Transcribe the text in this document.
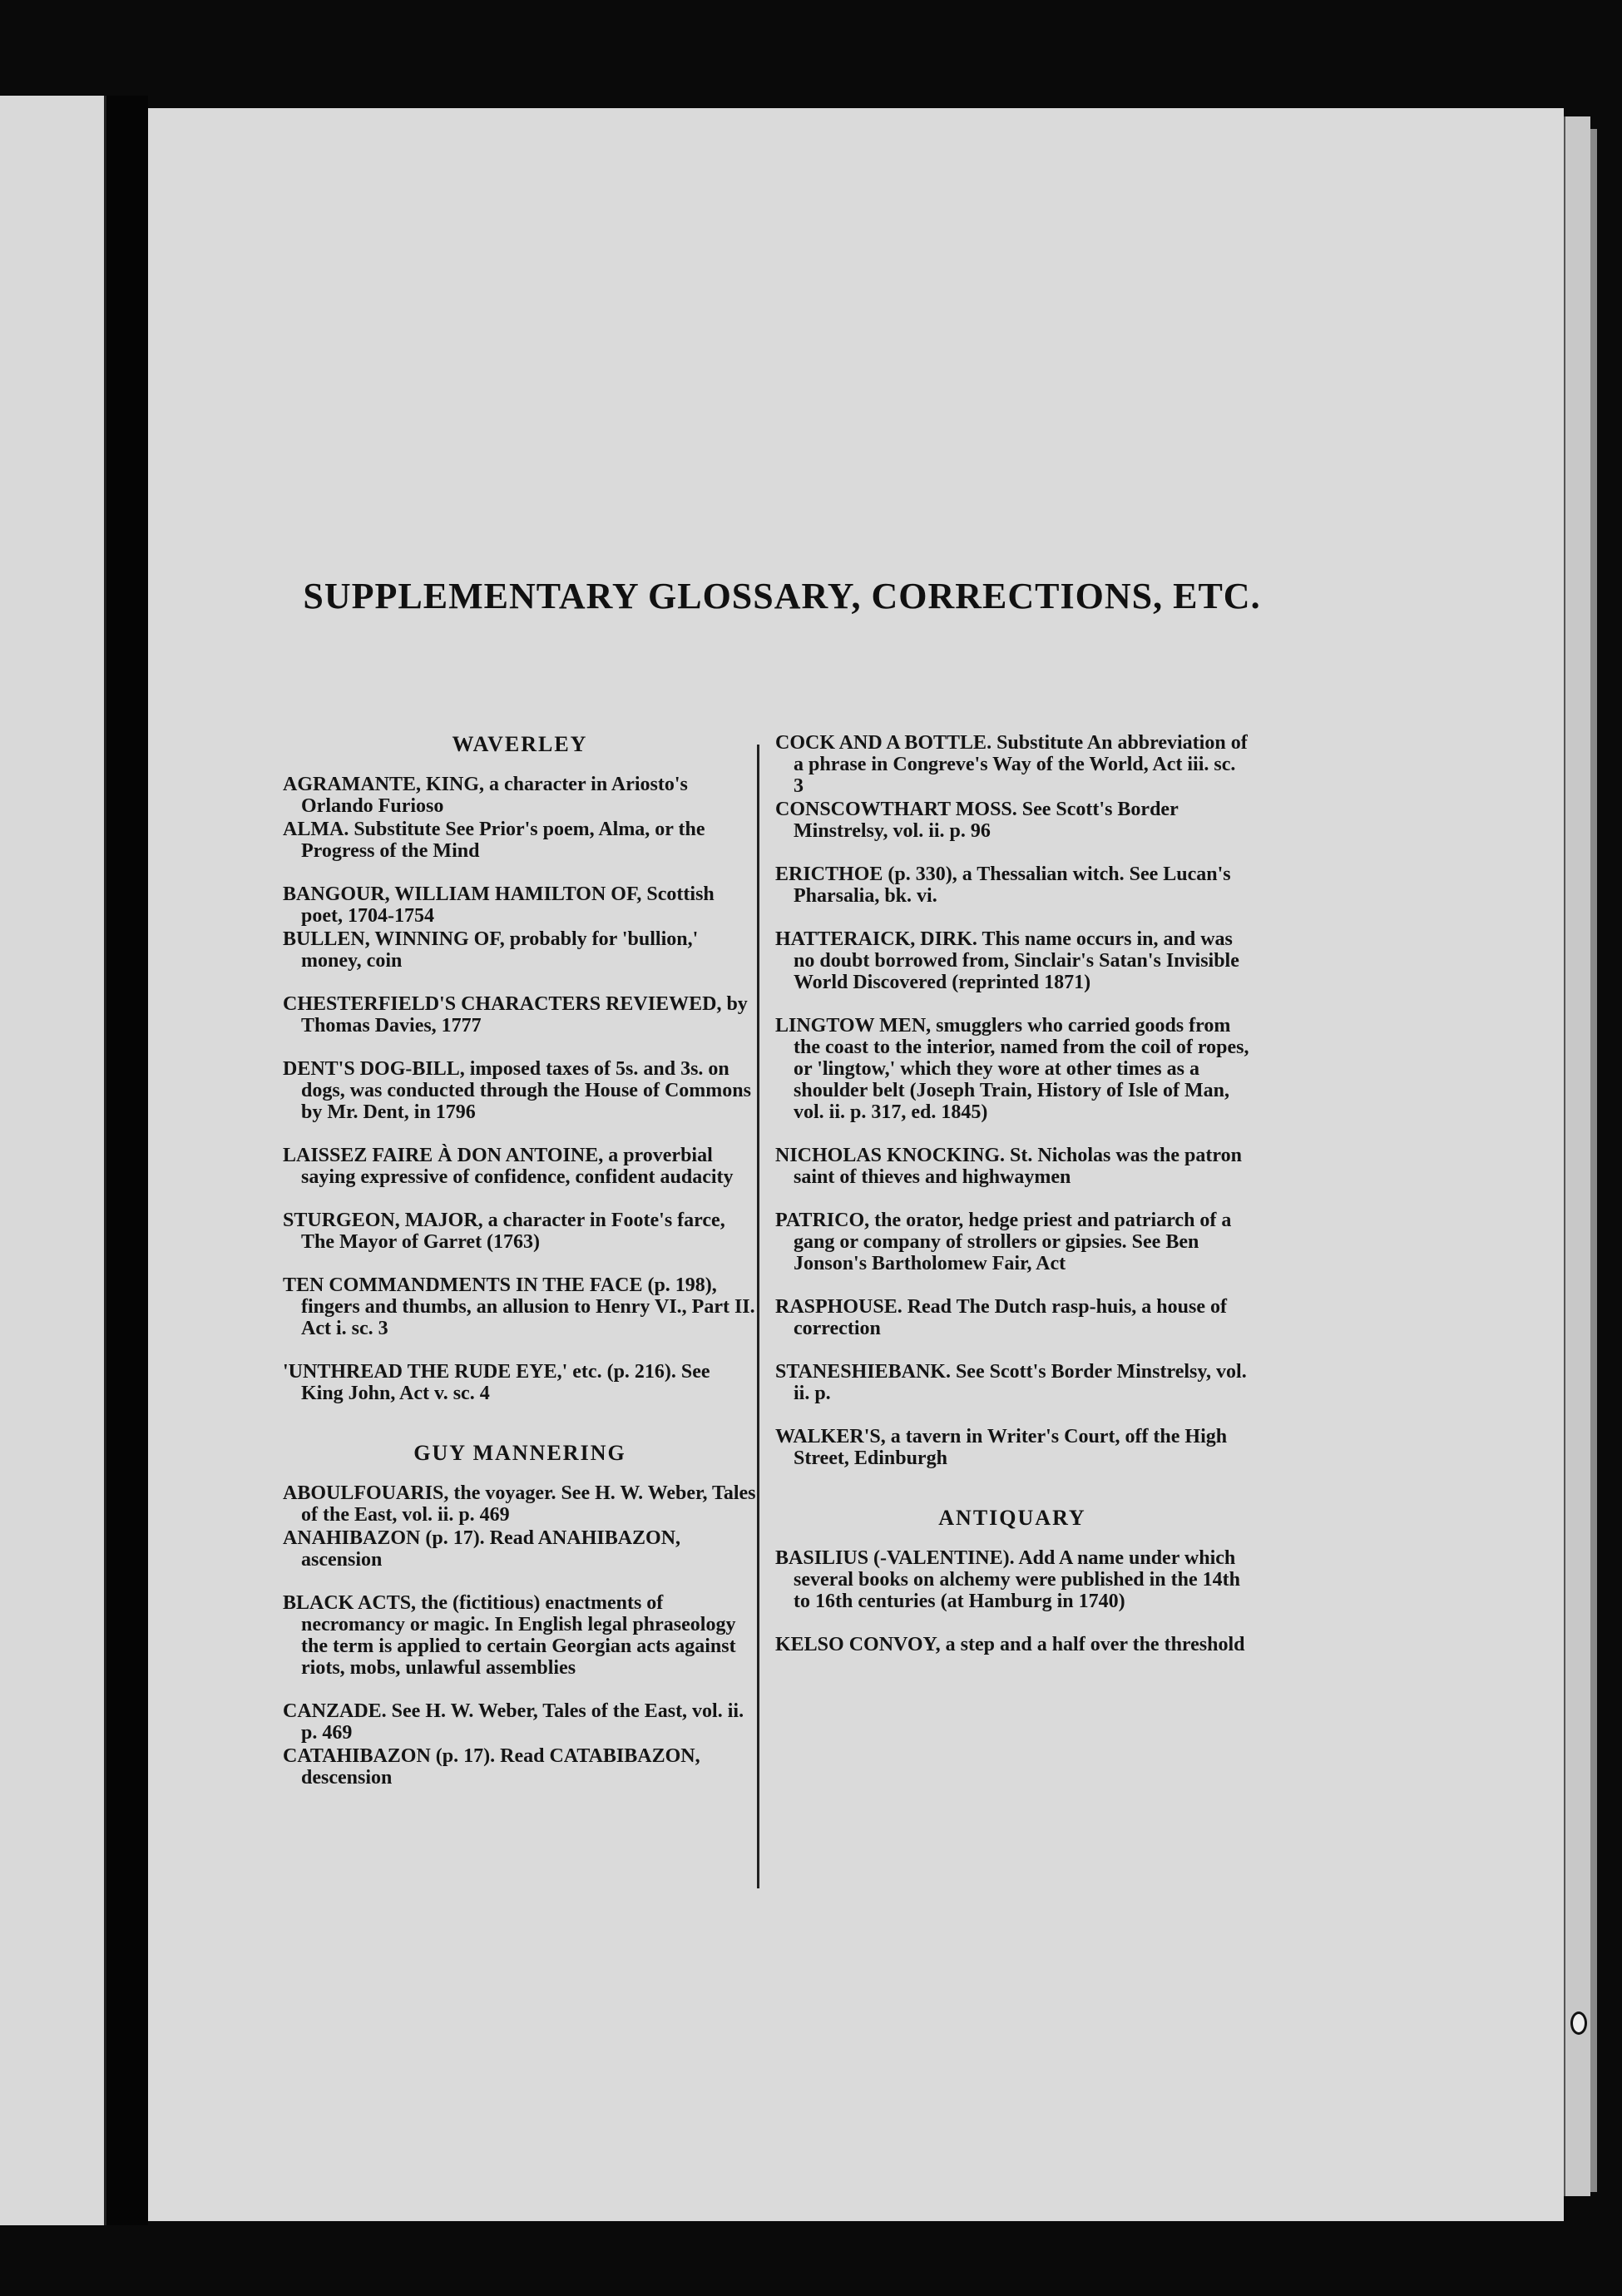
SUPPLEMENTARY GLOSSARY, CORRECTIONS, ETC.
WAVERLEY

AGRAMANTE, KING, a character in Ariosto's Orlando Furioso

ALMA. Substitute See Prior's poem, Alma, or the Progress of the Mind

BANGOUR, WILLIAM HAMILTON OF, Scottish poet, 1704-1754

BULLEN, WINNING OF, probably for 'bullion,' money, coin

CHESTERFIELD'S CHARACTERS REVIEWED, by Thomas Davies, 1777

DENT'S DOG-BILL, imposed taxes of 5s. and 3s. on dogs, was conducted through the House of Commons by Mr. Dent, in 1796

LAISSEZ FAIRE À DON ANTOINE, a proverbial saying expressive of confidence, confident audacity

STURGEON, MAJOR, a character in Foote's farce, The Mayor of Garret (1763)

TEN COMMANDMENTS IN THE FACE (p. 198), fingers and thumbs, an allusion to Henry VI., Part II. Act i. sc. 3

'UNTHREAD THE RUDE EYE,' etc. (p. 216). See King John, Act v. sc. 4

GUY MANNERING

ABOULFOUARIS, the voyager. See H. W. Weber, Tales of the East, vol. ii. p. 469

ANAHIBAZON (p. 17). Read ANAHIBAZON, ascension

BLACK ACTS, the (fictitious) enactments of necromancy or magic. In English legal phraseology the term is applied to certain Georgian acts against riots, mobs, unlawful assemblies

CANZADE. See H. W. Weber, Tales of the East, vol. ii. p. 469

CATAHIBAZON (p. 17). Read CATABIBAZON, descension

COCK AND A BOTTLE. Substitute An abbreviation of a phrase in Congreve's Way of the World, Act iii. sc. 3

CONSCOWTHART MOSS. See Scott's Border Minstrelsy, vol. ii. p. 96

ERICTHOE (p. 330), a Thessalian witch. See Lucan's Pharsalia, bk. vi.

HATTERAICK, DIRK. This name occurs in, and was no doubt borrowed from, Sinclair's Satan's Invisible World Discovered (reprinted 1871)

LINGTOW MEN, smugglers who carried goods from the coast to the interior, named from the coil of ropes, or 'lingtow,' which they wore at other times as a shoulder belt (Joseph Train, History of Isle of Man, vol. ii. p. 317, ed. 1845)

NICHOLAS KNOCKING. St. Nicholas was the patron saint of thieves and highwaymen

PATRICO, the orator, hedge priest and patriarch of a gang or company of strollers or gipsies. See Ben Jonson's Bartholomew Fair, Act

RASPHOUSE. Read The Dutch rasp-huis, a house of correction

STANESHIEBANK. See Scott's Border Minstrelsy, vol. ii. p.

WALKER'S, a tavern in Writer's Court, off the High Street, Edinburgh

ANTIQUARY

BASILIUS (-VALENTINE). Add A name under which several books on alchemy were published in the 14th to 16th centuries (at Hamburg in 1740)

KELSO CONVOY, a step and a half over the threshold
